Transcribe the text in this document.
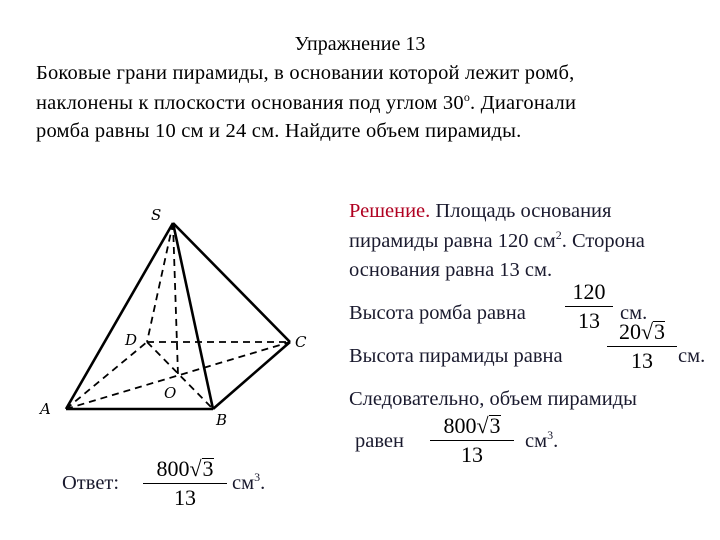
Упражнение 13
Боковые грани пирамиды, в основании которой лежит ромб,
наклонены к плоскости основания под углом $30^о$. Диагонали
ромба равны 10 см и 24 см. Найдите объем пирамиды.
S
A
B
C
D
O
Решение. Площадь основания
пирамиды равна 120 $см^2$. Сторона
основания равна 13 см.
Высота ромба равна
120
13 см.
Высота пирамиды равна
20√3
13	см.
Следовательно, объем пирамиды
равен
800√3
13
$см^3$.
Ответ:
800√3
13
$см^3$.
